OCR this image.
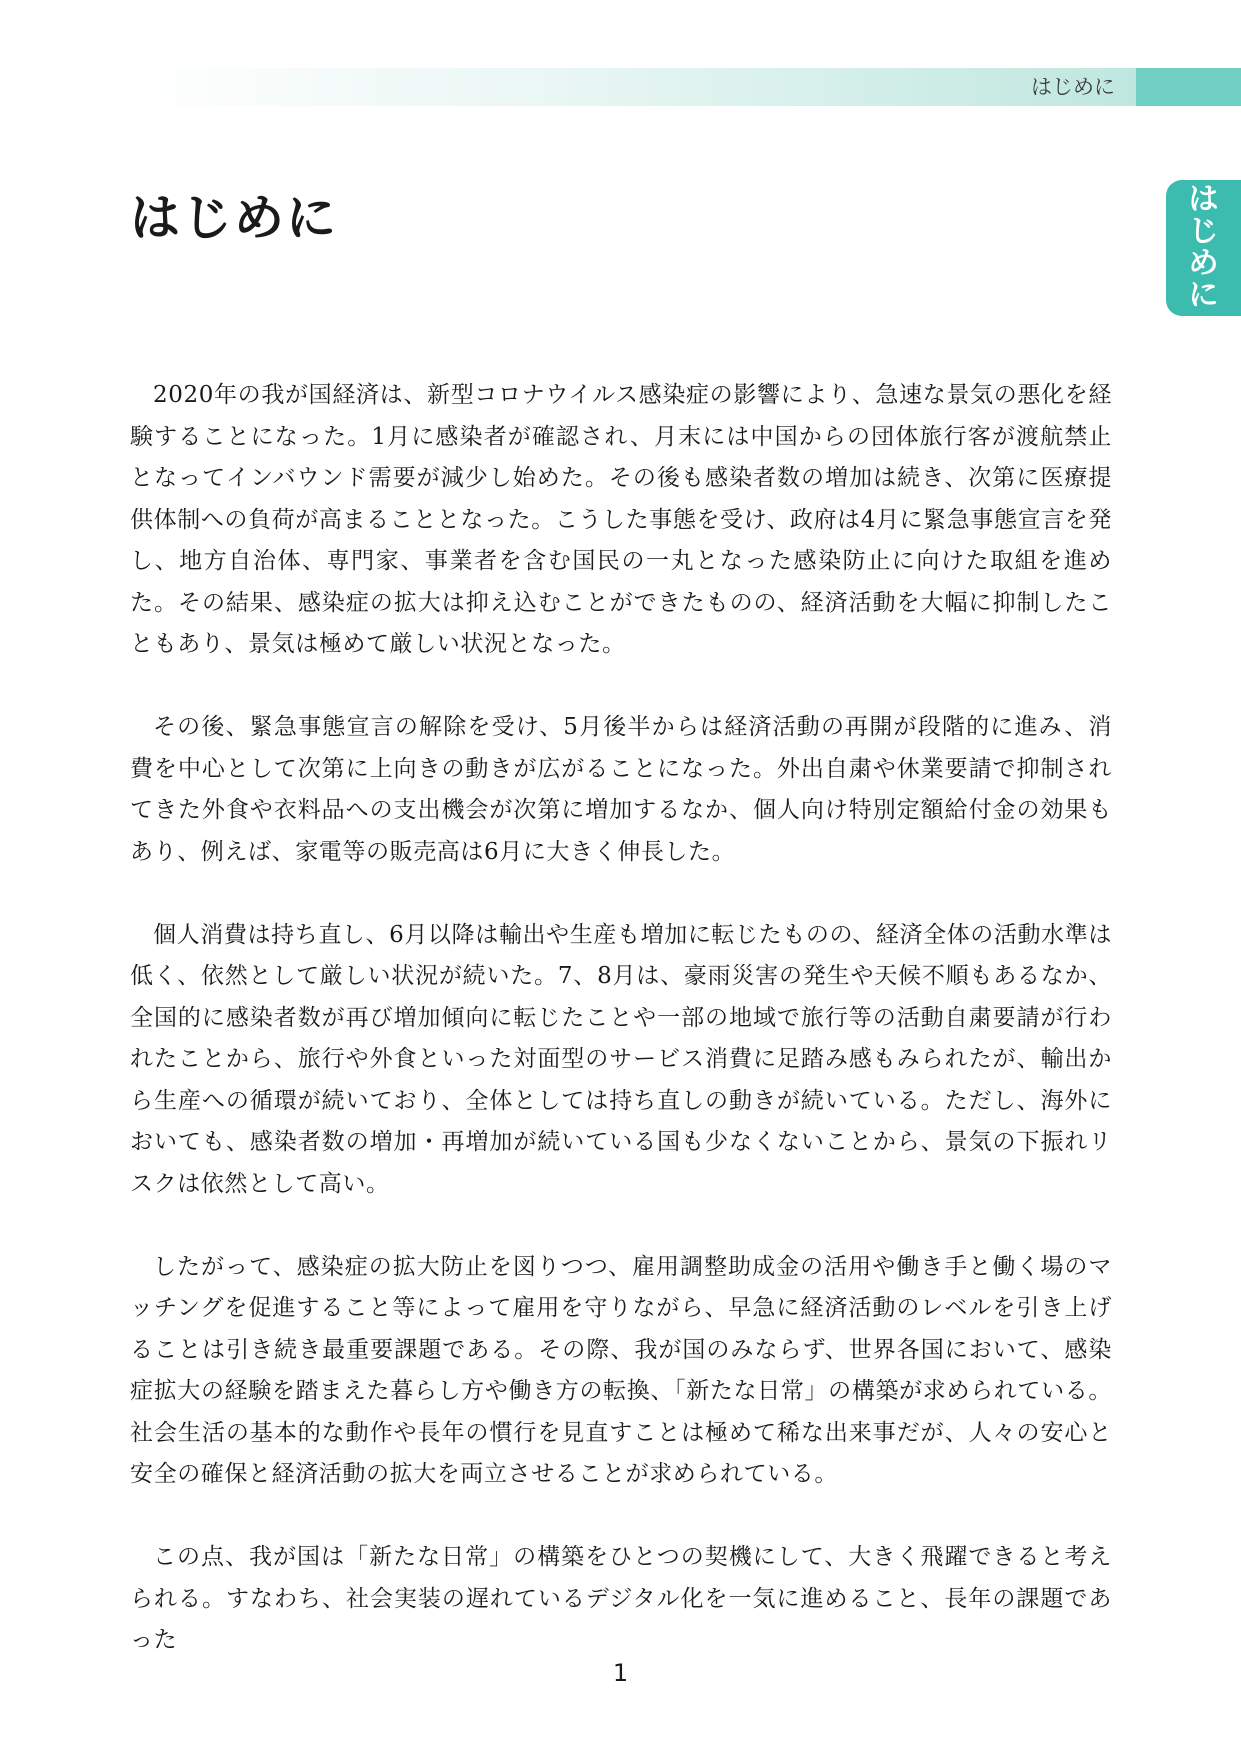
はじめに
は
じ
め
に
はじめに

2020年の我が国経済は、新型コロナウイルス感染症の影響により、急速な景気の悪化を経験することになった。1月に感染者が確認され、月末には中国からの団体旅行客が渡航禁止となってインバウンド需要が減少し始めた。その後も感染者数の増加は続き、次第に医療提供体制への負荷が高まることとなった。こうした事態を受け、政府は4月に緊急事態宣言を発し、地方自治体、専門家、事業者を含む国民の一丸となった感染防止に向けた取組を進めた。その結果、感染症の拡大は抑え込むことができたものの、経済活動を大幅に抑制したこともあり、景気は極めて厳しい状況となった。

その後、緊急事態宣言の解除を受け、5月後半からは経済活動の再開が段階的に進み、消費を中心として次第に上向きの動きが広がることになった。外出自粛や休業要請で抑制されてきた外食や衣料品への支出機会が次第に増加するなか、個人向け特別定額給付金の効果もあり、例えば、家電等の販売高は6月に大きく伸長した。

個人消費は持ち直し、6月以降は輸出や生産も増加に転じたものの、経済全体の活動水準は低く、依然として厳しい状況が続いた。7、8月は、豪雨災害の発生や天候不順もあるなか、全国的に感染者数が再び増加傾向に転じたことや一部の地域で旅行等の活動自粛要請が行われたことから、旅行や外食といった対面型のサービス消費に足踏み感もみられたが、輸出から生産への循環が続いており、全体としては持ち直しの動きが続いている。ただし、海外においても、感染者数の増加・再増加が続いている国も少なくないことから、景気の下振れリスクは依然として高い。

したがって、感染症の拡大防止を図りつつ、雇用調整助成金の活用や働き手と働く場のマッチングを促進すること等によって雇用を守りながら、早急に経済活動のレベルを引き上げることは引き続き最重要課題である。その際、我が国のみならず、世界各国において、感染症拡大の経験を踏まえた暮らし方や働き方の転換、「新たな日常」の構築が求められている。社会生活の基本的な動作や長年の慣行を見直すことは極めて稀な出来事だが、人々の安心と安全の確保と経済活動の拡大を両立させることが求められている。

この点、我が国は「新たな日常」の構築をひとつの契機にして、大きく飛躍できると考えられる。すなわち、社会実装の遅れているデジタル化を一気に進めること、長年の課題であった

1
